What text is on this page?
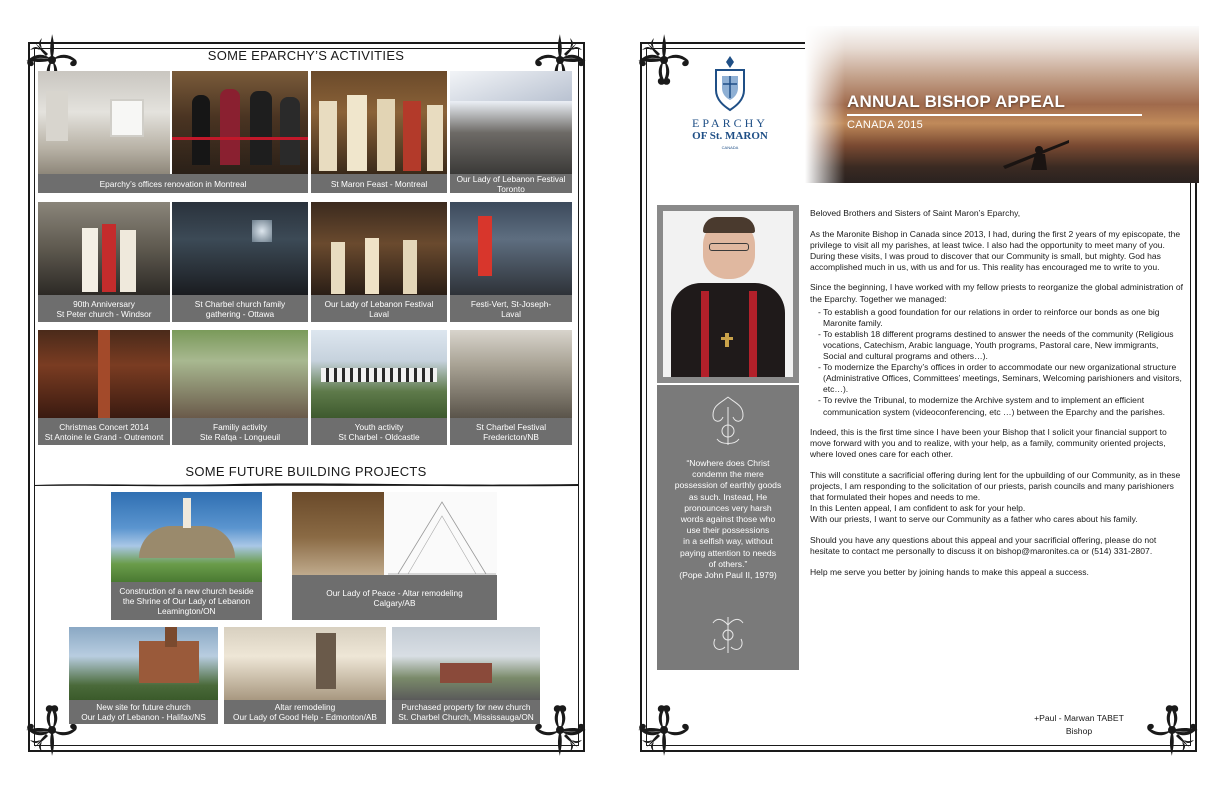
SOME EPARCHY’S ACTIVITIES
Eparchy’s offices renovation in Montreal	St Maron Feast - Montreal	Our Lady of Lebanon Festival
Toronto
90th Anniversary
St Peter church - Windsor
St Charbel church family
gathering - Ottawa
Our Lady of Lebanon Festival
Laval
Festi-Vert, St-Joseph-
Laval
Christmas Concert 2014
St Antoine le Grand - Outremont
Familiy activity
Ste Rafqa - Longueuil
Youth activity
St Charbel - Oldcastle
St Charbel Festival
Fredericton/NB
SOME FUTURE BUILDING PROJECTS
Construction of a new church beside
the Shrine of Our Lady of Lebanon
Leamington/ON
Our Lady of Peace - Altar remodeling
Calgary/AB
New site for future church
Our Lady of Lebanon - Halifax/NS
Altar remodeling
Our Lady of Good Help - Edmonton/AB
Purchased property for new church
St. Charbel Church, Mississauga/ON
EPARCHY
OF St. MARON
CANADA
ANNUAL BISHOP APPEAL
CANADA 2015
“Nowhere does Christ
condemn the mere
possession of earthly goods
as such. Instead, He
pronounces very harsh
words against those who
use their possessions
in a selfish way, without
paying attention to needs
of others.”
(Pope John Paul II, 1979)

Beloved Brothers and Sisters of Saint Maron’s Eparchy,

As the Maronite Bishop in Canada since 2013, I had, during the first 2 years of my episcopate, the privilege to visit all my parishes, at least twice. I also had the opportunity to meet many of you. During these visits, I was proud to discover that our Community is small, but mighty. God has accomplished much in us, with us and for us. This reality has encouraged me to write to you.

Since the beginning, I have worked with my fellow priests to reorganize the global administration of the Eparchy. Together we managed:

- To establish a good foundation for our relations in order to reinforce our bonds as one big Maronite family.
- To establish 18 different programs destined to answer the needs of the community (Religious vocations, Catechism, Arabic language, Youth programs, Pastoral care, New immigrants, Social and cultural programs and others…).
- To modernize the Eparchy’s offices in order to accommodate our new organizational structure (Administrative Offices, Committees’ meetings, Seminars, Welcoming parishioners and visitors, etc…).
- To revive the Tribunal, to modernize the Archive system and to implement an efficient communication system (videoconferencing, etc …) between the Eparchy and the parishes.

Indeed, this is the first time since I have been your Bishop that I solicit your financial support to move forward with you and to realize, with your help, as a family, community oriented projects, where loved ones care for each other.

This will constitute a sacrificial offering during lent for the upbuilding of our Community, as in these projects, I am responding to the solicitation of our priests, parish councils and many parishioners that formulated their hopes and needs to me.

In this Lenten appeal, I am confident to ask for your help.

With our priests, I want to serve our Community as a father who cares about his family.

Should you have any questions about this appeal and your sacrificial offering, please do not hesitate to contact me personally to discuss it on bishop@maronites.ca or (514) 331-2807.

Help me serve you better by joining hands to make this appeal a success.

+Paul - Marwan TABET
Bishop
